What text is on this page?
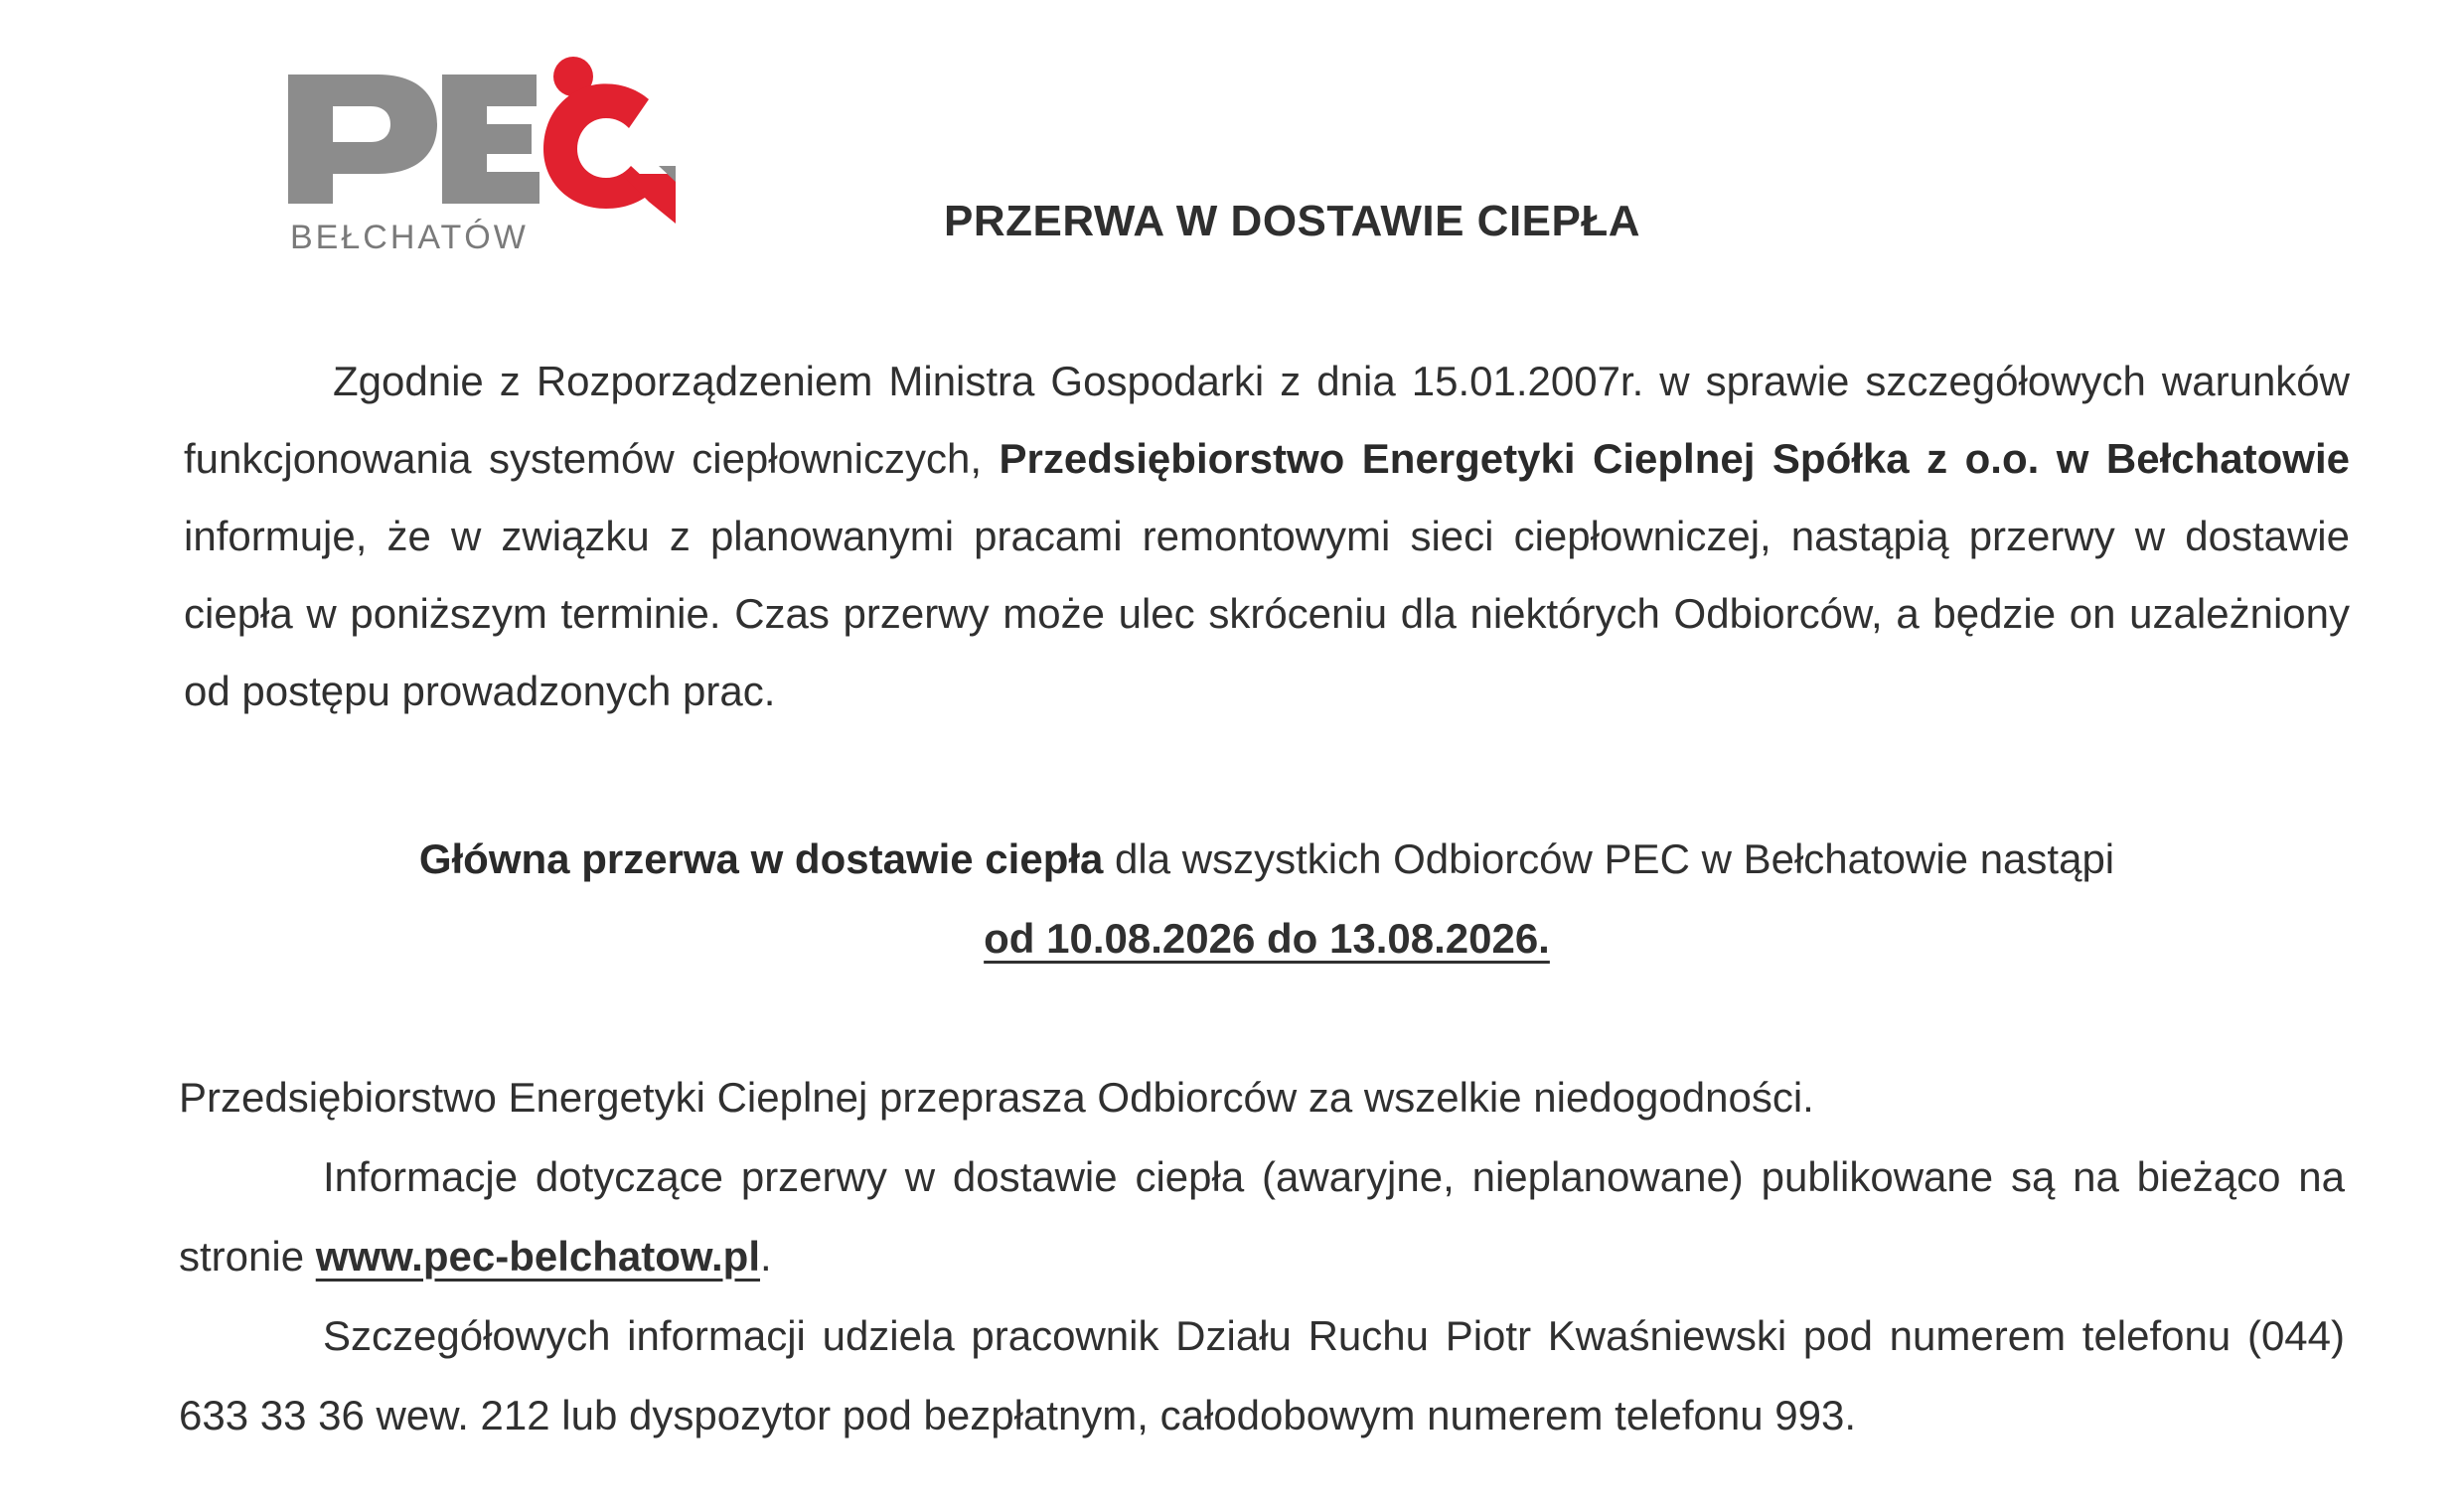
BEŁCHATÓW	PRZERWA W DOSTAWIE CIEPŁA
Zgodnie z Rozporządzeniem Ministra Gospodarki z dnia 15.01.2007r. w sprawie szczegółowych warunków funkcjonowania systemów ciepłowniczych, Przedsiębiorstwo Energetyki Cieplnej Spółka z o.o. w Bełchatowie informuje, że w związku z planowanymi pracami remontowymi sieci ciepłowniczej, nastąpią przerwy w dostawie ciepła w poniższym terminie. Czas przerwy może ulec skróceniu dla niektórych Odbiorców, a będzie on uzależniony od postępu prowadzonych prac.
Główna przerwa w dostawie ciepła dla wszystkich Odbiorców PEC w Bełchatowie nastąpi
od 10.08.2026 do 13.08.2026.
Przedsiębiorstwo Energetyki Cieplnej przeprasza Odbiorców za wszelkie niedogodności.
Informacje dotyczące przerwy w dostawie ciepła (awaryjne, nieplanowane) publikowane są na bieżąco na stronie www.pec-belchatow.pl.
Szczegółowych informacji udziela pracownik Działu Ruchu Piotr Kwaśniewski pod numerem telefonu (044) 633 33 36 wew. 212 lub dyspozytor pod bezpłatnym, całodobowym numerem telefonu 993.
